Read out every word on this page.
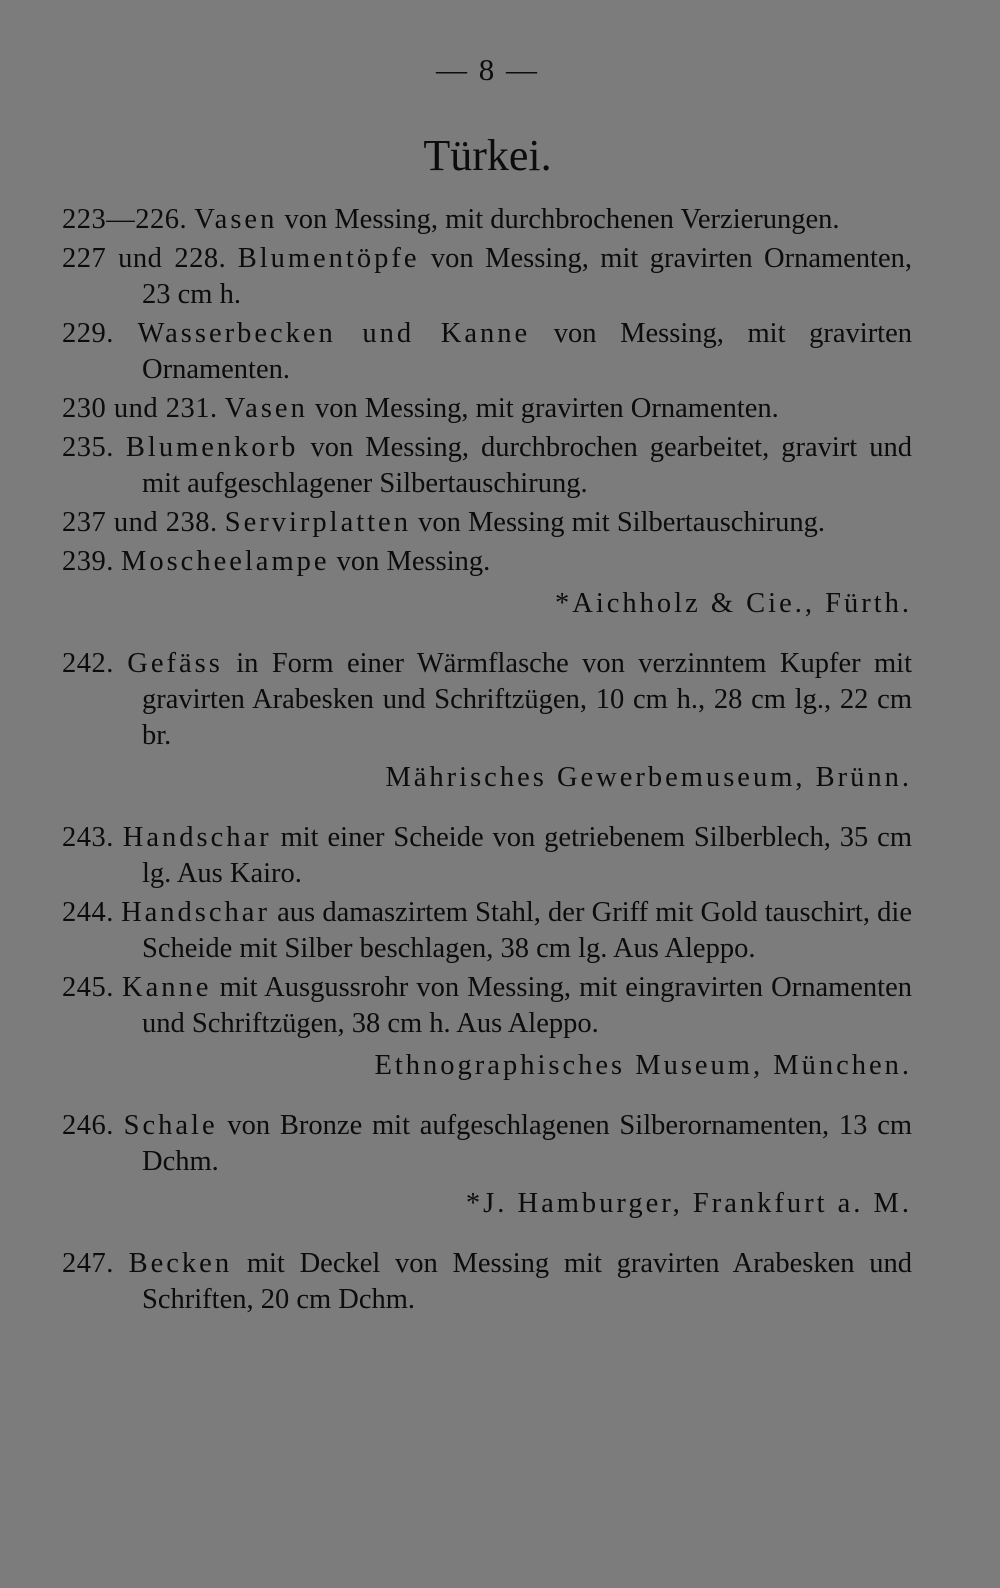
— 8 —
Türkei.

223—226. Vasen von Messing, mit durchbrochenen Verzierungen.

227 und 228. Blumentöpfe von Messing, mit gravirten Ornamenten, 23 cm h.

229. Wasserbecken und Kanne von Messing, mit gravirten Ornamenten.

230 und 231. Vasen von Messing, mit gravirten Ornamenten.

235. Blumenkorb von Messing, durchbrochen gearbeitet, gravirt und mit aufgeschlagener Silbertauschirung.

237 und 238. Servirplatten von Messing mit Silbertauschirung.

239. Moscheelampe von Messing.

*Aichholz & Cie., Fürth.

242. Gefäss in Form einer Wärmflasche von verzinntem Kupfer mit gravirten Arabesken und Schriftzügen, 10 cm h., 28 cm lg., 22 cm br.

Mährisches Gewerbemuseum, Brünn.

243. Handschar mit einer Scheide von getriebenem Silberblech, 35 cm lg. Aus Kairo.

244. Handschar aus damaszirtem Stahl, der Griff mit Gold tauschirt, die Scheide mit Silber beschlagen, 38 cm lg. Aus Aleppo.

245. Kanne mit Ausgussrohr von Messing, mit eingravirten Ornamenten und Schriftzügen, 38 cm h. Aus Aleppo.

Ethnographisches Museum, München.

246. Schale von Bronze mit aufgeschlagenen Silberornamenten, 13 cm Dchm.

*J. Hamburger, Frankfurt a. M.

247. Becken mit Deckel von Messing mit gravirten Arabesken und Schriften, 20 cm Dchm.
